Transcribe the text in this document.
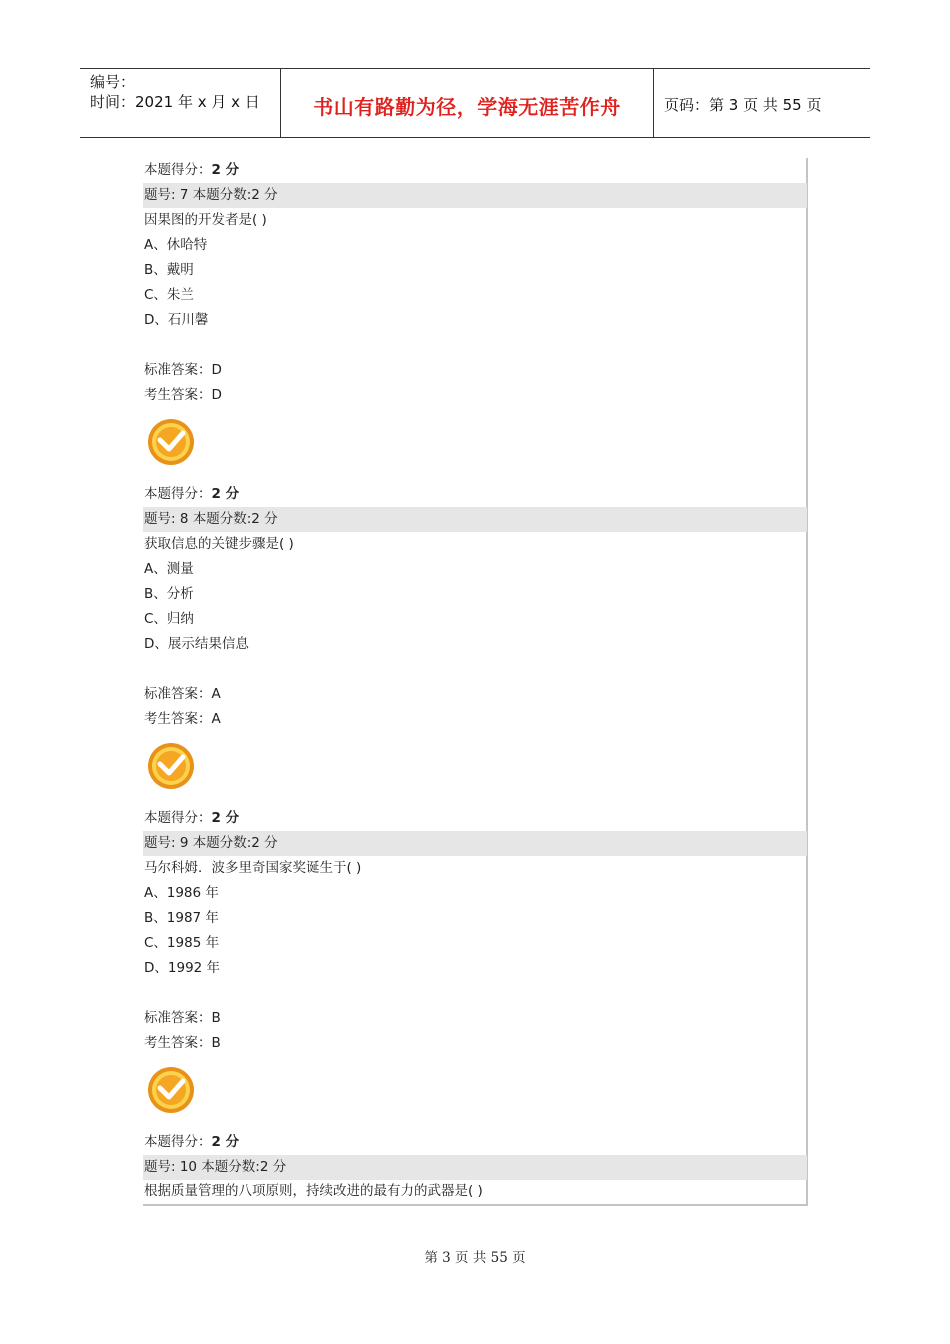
编号：
时间：2021 年 x 月 x 日	书山有路勤为径，学海无涯苦作舟	页码：第 3 页 共 55 页
本题得分：2 分
题号: 7 本题分数:2 分
因果图的开发者是( )
A、休哈特
B、戴明
C、朱兰
D、石川馨
标准答案：D
考生答案：D
本题得分：2 分
题号: 8 本题分数:2 分
获取信息的关键步骤是( )
A、测量
B、分析
C、归纳
D、展示结果信息
标准答案：A
考生答案：A
本题得分：2 分
题号: 9 本题分数:2 分
马尔科姆．波多里奇国家奖诞生于( )
A、1986 年
B、1987 年
C、1985 年
D、1992 年
标准答案：B
考生答案：B
本题得分：2 分
题号: 10 本题分数:2 分
根据质量管理的八项原则，持续改进的最有力的武器是( )
第 3 页 共 55 页
